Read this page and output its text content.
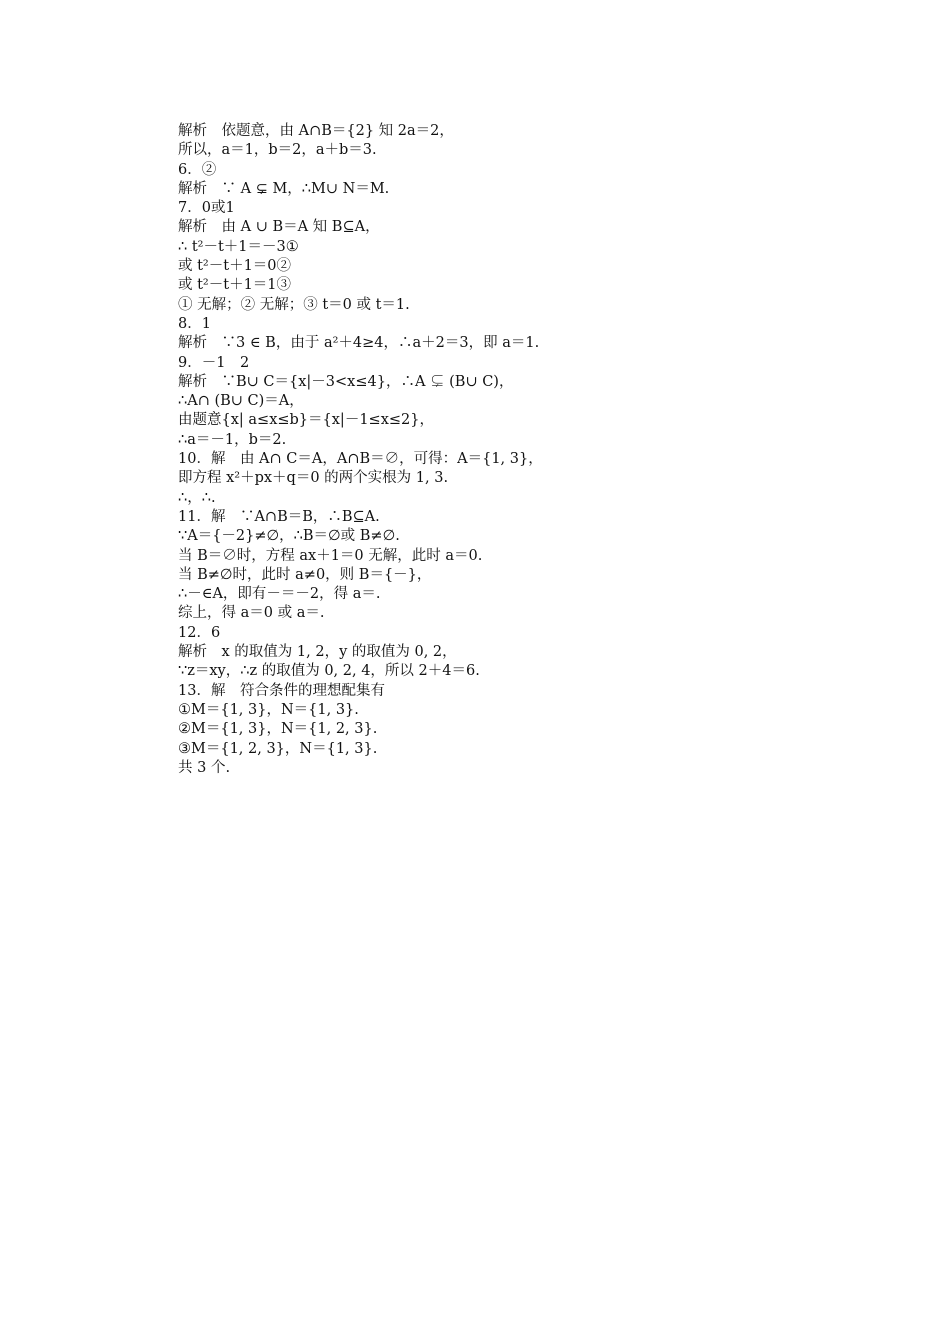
解析　依题意，由 A∩B＝{2} 知 2a＝2，

所以，a＝1，b＝2，a＋b＝3.

6．②

解析　∵ A ⊊ M，∴M∪ N＝M.

7．0或1

解析　由 A ∪ B＝A 知 B⊆A，

∴ t²－t＋1＝－3①

或 t²－t＋1＝0②

或 t²－t＋1＝1③

① 无解；② 无解；③ t＝0 或 t＝1.

8．1

解析　∵3 ∈ B，由于 a²＋4≥4，∴a＋2＝3，即 a＝1.

9．－1　2

解析　∵B∪ C＝{x|－3<x≤4}，∴A ⊊ (B∪ C)，

∴A∩ (B∪ C)＝A，

由题意{x| a≤x≤b}＝{x|－1≤x≤2}，

∴a＝－1，b＝2.

10．解　由 A∩ C＝A，A∩B＝∅，可得：A＝{1, 3}，

即方程 x²＋px＋q＝0 的两个实根为 1, 3.

∴，∴.

11．解　∵A∩B＝B，∴B⊆A.

∵A＝{－2}≠∅，∴B＝∅或 B≠∅.

当 B＝∅时，方程 ax＋1＝0 无解，此时 a＝0.

当 B≠∅时，此时 a≠0，则 B＝{－}，

∴－∈A，即有－＝－2，得 a＝.

综上，得 a＝0 或 a＝.

12．6

解析　x 的取值为 1, 2，y 的取值为 0, 2，

∵z＝xy，∴z 的取值为 0, 2, 4，所以 2＋4＝6.

13．解　符合条件的理想配集有

①M＝{1, 3}，N＝{1, 3}.

②M＝{1, 3}，N＝{1, 2, 3}.

③M＝{1, 2, 3}，N＝{1, 3}.

共 3 个.
